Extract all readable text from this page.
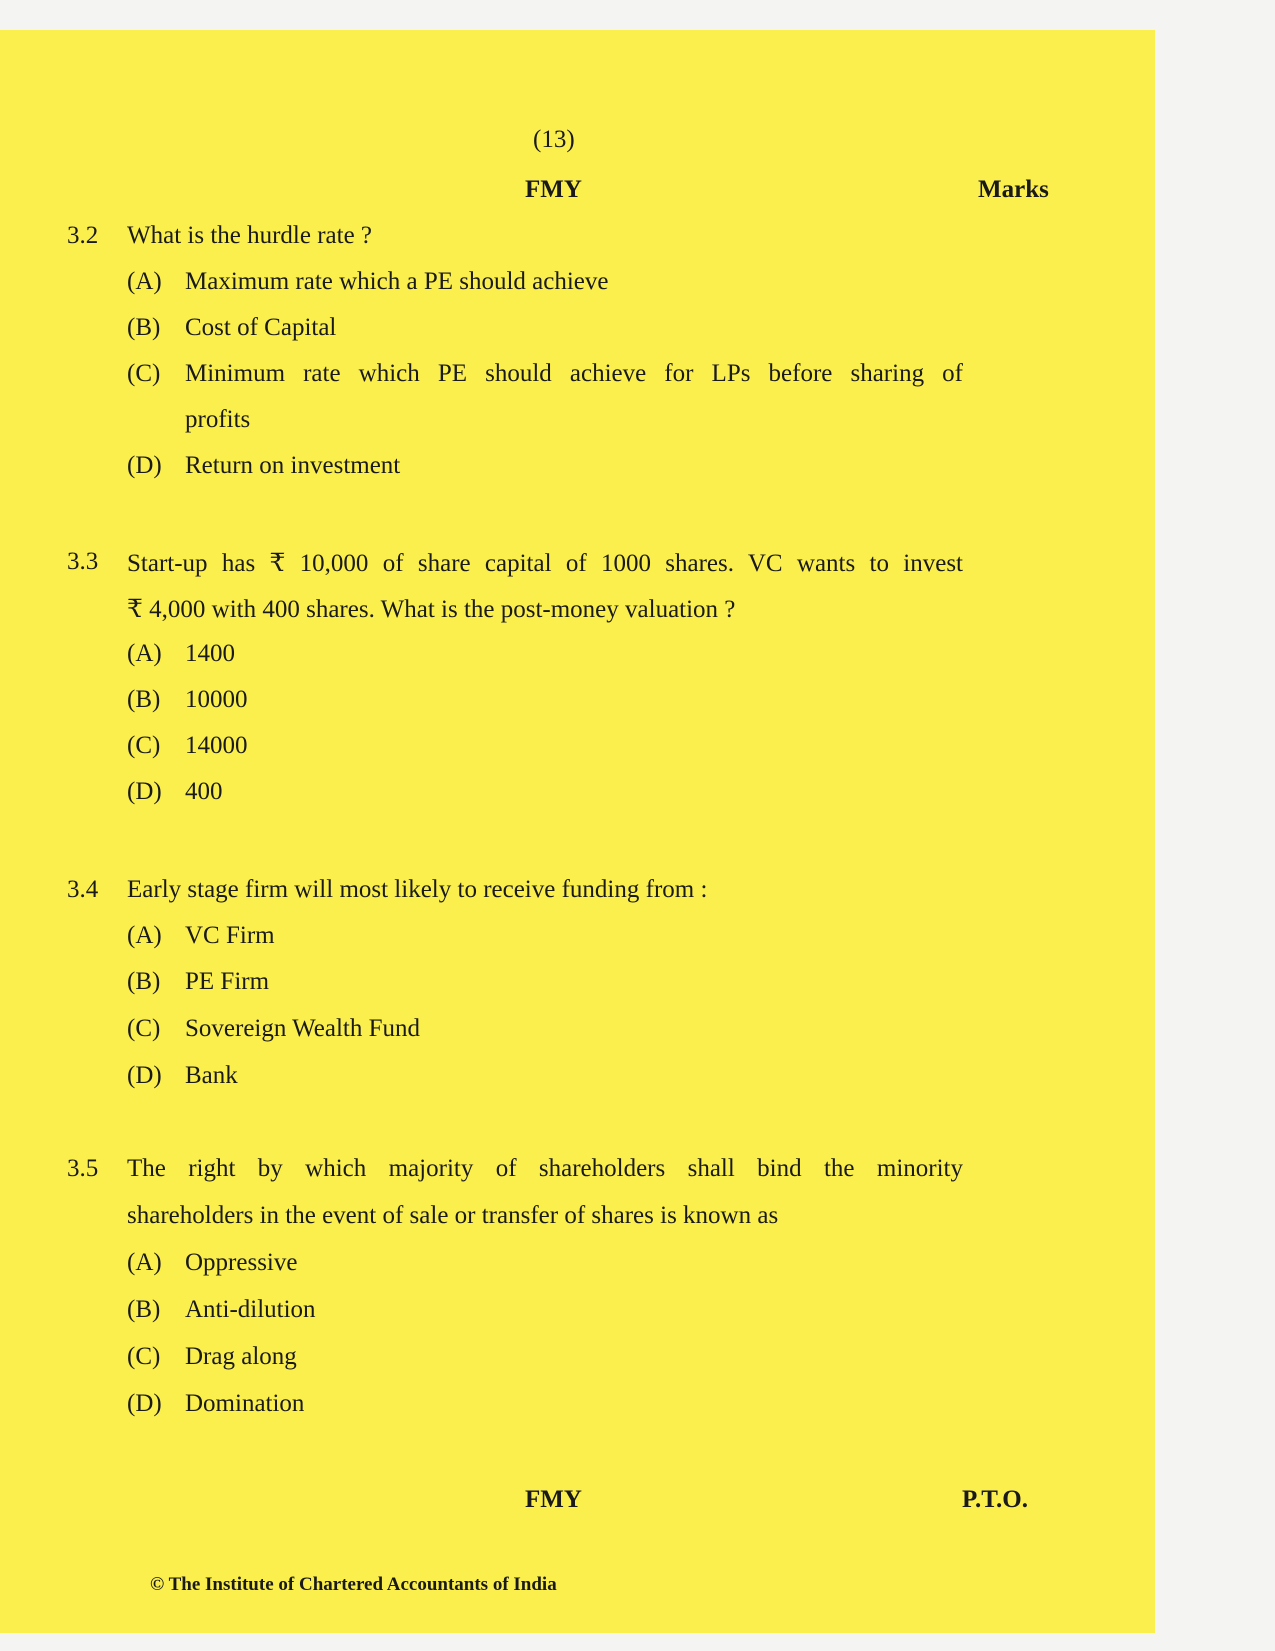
(13)
FMY	Marks
3.2 What is the hurdle rate ?
(A) Maximum rate which a PE should achieve
(B) Cost of Capital
(C) Minimum rate which PE should achieve for LPs before sharing of
profits
(D) Return on investment
3.3 Start-up has ₹ 10,000 of share capital of 1000 shares. VC wants to invest
₹ 4,000 with 400 shares. What is the post-money valuation ?
(A) 1400
(B) 10000
(C) 14000
(D) 400
3.4 Early stage firm will most likely to receive funding from :
(A) VC Firm
(B) PE Firm
(C) Sovereign Wealth Fund
(D) Bank
3.5 The right by which majority of shareholders shall bind the minority
shareholders in the event of sale or transfer of shares is known as
(A) Oppressive
(B) Anti-dilution
(C) Drag along
(D) Domination
FMY	P.T.O.
© The Institute of Chartered Accountants of India
